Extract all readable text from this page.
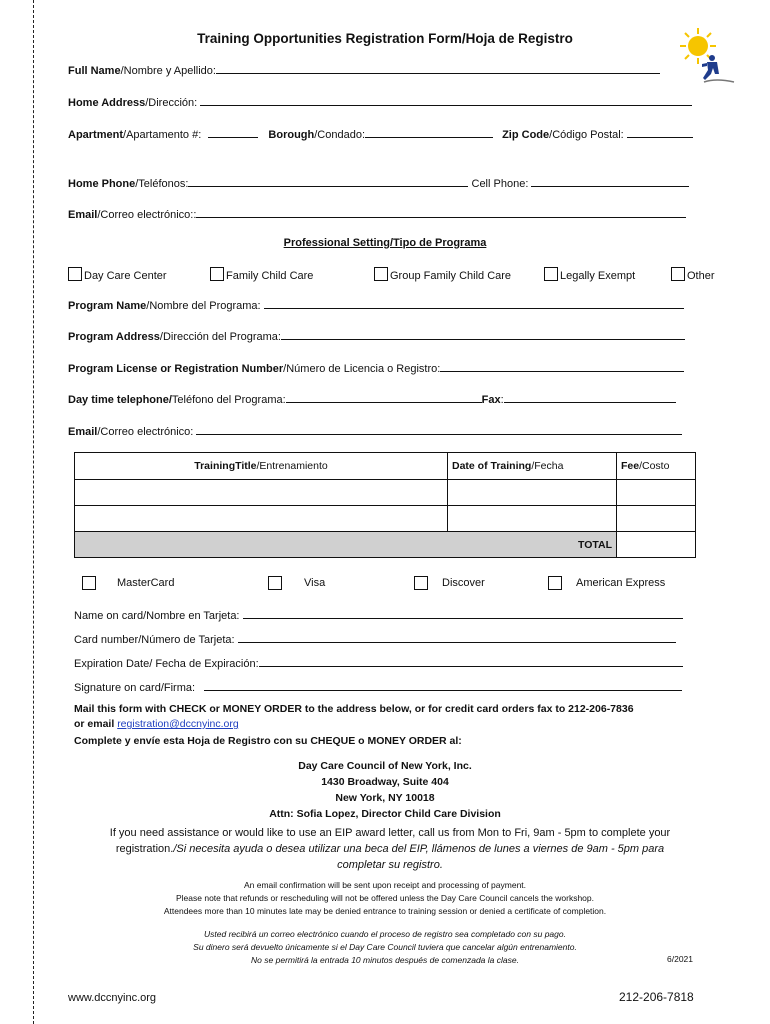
Training Opportunities Registration Form/Hoja de Registro
Full Name/Nombre y Apellido:
Home Address/Dirección:
Apartment/Apartamento #:	Borough/Condado:	Zip Code/Código Postal:
Home Phone/Teléfonos:	Cell Phone:
Email/Correo electrónico::
Professional Setting/Tipo de Programa
Day Care Center	Family Child Care	Group Family Child Care	Legally Exempt	Other
Program Name/Nombre del Programa:
Program Address/Dirección del Programa:
Program License or Registration Number/Número de Licencia o Registro:
Day time telephone/Teléfono del Programa:	Fax:
Email/Correo electrónico:
TrainingTitle/Entrenamiento	Date of Training/Fecha	Fee/Costo

TOTAL		
MasterCard	Visa	Discover	American Express
Name on card/Nombre en Tarjeta:
Card number/Número de Tarjeta:
Expiration Date/ Fecha de Expiración:
Signature on card/Firma:
Mail this form with CHECK or MONEY ORDER to the address below, or for credit card orders fax to 212-206-7836
or email registration@dccnyinc.org
Complete y envíe esta Hoja de Registro con su CHEQUE o MONEY ORDER al:
Day Care Council of New York, Inc.
1430 Broadway, Suite 404
New York, NY 10018
Attn: Sofia Lopez, Director Child Care Division
If you need assistance or would like to use an EIP award letter, call us from Mon to Fri, 9am - 5pm to complete your
registration./Si necesita ayuda o desea utilizar una beca del EIP, llámenos de lunes a viernes de 9am - 5pm para
completar su registro.
An email confirmation will be sent upon receipt and processing of payment.
Please note that refunds or rescheduling will not be offered unless the Day Care Council cancels the workshop.
Attendees more than 10 minutes late may be denied entrance to training session or denied a certificate of completion.
Usted recibirá un correo electrónico cuando el proceso de registro sea completado con su pago.
Su dinero será devuelto únicamente si el Day Care Council tuviera que cancelar algún entrenamiento.
No se permitirá la entrada 10 minutos después de comenzada la clase.	6/2021
www.dccnyinc.org	212-206-7818
